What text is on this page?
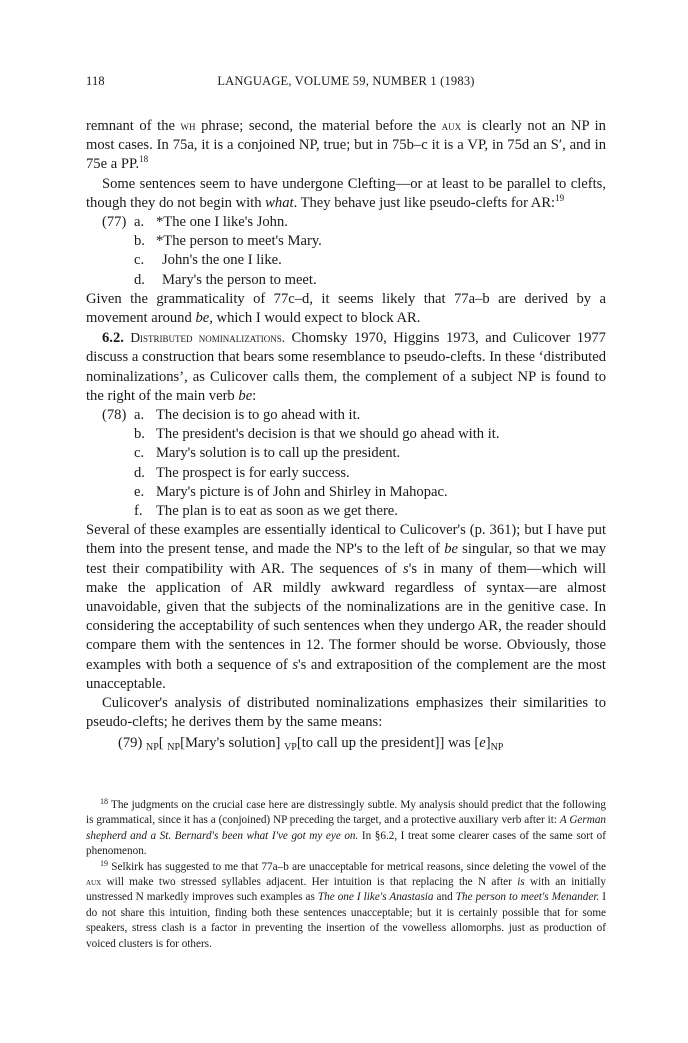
118	LANGUAGE, VOLUME 59, NUMBER 1 (1983)

remnant of the wh phrase; second, the material before the aux is clearly not an NP in most cases. In 75a, it is a conjoined NP, true; but in 75b–c it is a VP, in 75d an S′, and in 75e a PP.$^{18}$

Some sentences seem to have undergone Clefting—or at least to be parallel to clefts, though they do not begin with what. They behave just like pseudo-clefts for AR:$^{19}$

(77) a. *The one I like's John.
b. *The person to meet's Mary.
c.	John's the one I like.
d.	Mary's the person to meet.

Given the grammaticality of 77c–d, it seems likely that 77a–b are derived by a movement around be, which I would expect to block AR.

6.2. Distributed nominalizations. Chomsky 1970, Higgins 1973, and Culicover 1977 discuss a construction that bears some resemblance to pseudo-clefts. In these ‘distributed nominalizations’, as Culicover calls them, the complement of a subject NP is found to the right of the main verb be:

(78) a. The decision is to go ahead with it.
b. The president's decision is that we should go ahead with it.
c. Mary's solution is to call up the president.
d. The prospect is for early success.
e. Mary's picture is of John and Shirley in Mahopac.
f. The plan is to eat as soon as we get there.

Several of these examples are essentially identical to Culicover's (p. 361); but I have put them into the present tense, and made the NP's to the left of be singular, so that we may test their compatibility with AR. The sequences of s's in many of them—which will make the application of AR mildly awkward regardless of syntax—are almost unavoidable, given that the subjects of the nominalizations are in the genitive case. In considering the acceptability of such sentences when they undergo AR, the reader should compare them with the sentences in 12. The former should be worse. Obviously, those examples with both a sequence of s's and extraposition of the complement are the most unacceptable.

Culicover's analysis of distributed nominalizations emphasizes their similarities to pseudo-clefts; he derives them by the same means:

(79) $_{NP}$[ $_{NP}$[Mary's solution] $_{VP}$[to call up the president]] was $[e]_{NP}$

$^{18}$ The judgments on the crucial case here are distressingly subtle. My analysis should predict that the following is grammatical, since it has a (conjoined) NP preceding the target, and a protective auxiliary verb after it: A German shepherd and a St. Bernard's been what I've got my eye on. In §6.2, I treat some clearer cases of the same sort of phenomenon.

$^{19}$ Selkirk has suggested to me that 77a–b are unacceptable for metrical reasons, since deleting the vowel of the aux will make two stressed syllables adjacent. Her intuition is that replacing the N after is with an initially unstressed N markedly improves such examples as The one I like's Anastasia and The person to meet's Menander. I do not share this intuition, finding both these sentences unacceptable; but it is certainly possible that for some speakers, stress clash is a factor in preventing the insertion of the vowelless allomorphs. just as production of voiced clusters is for others.
